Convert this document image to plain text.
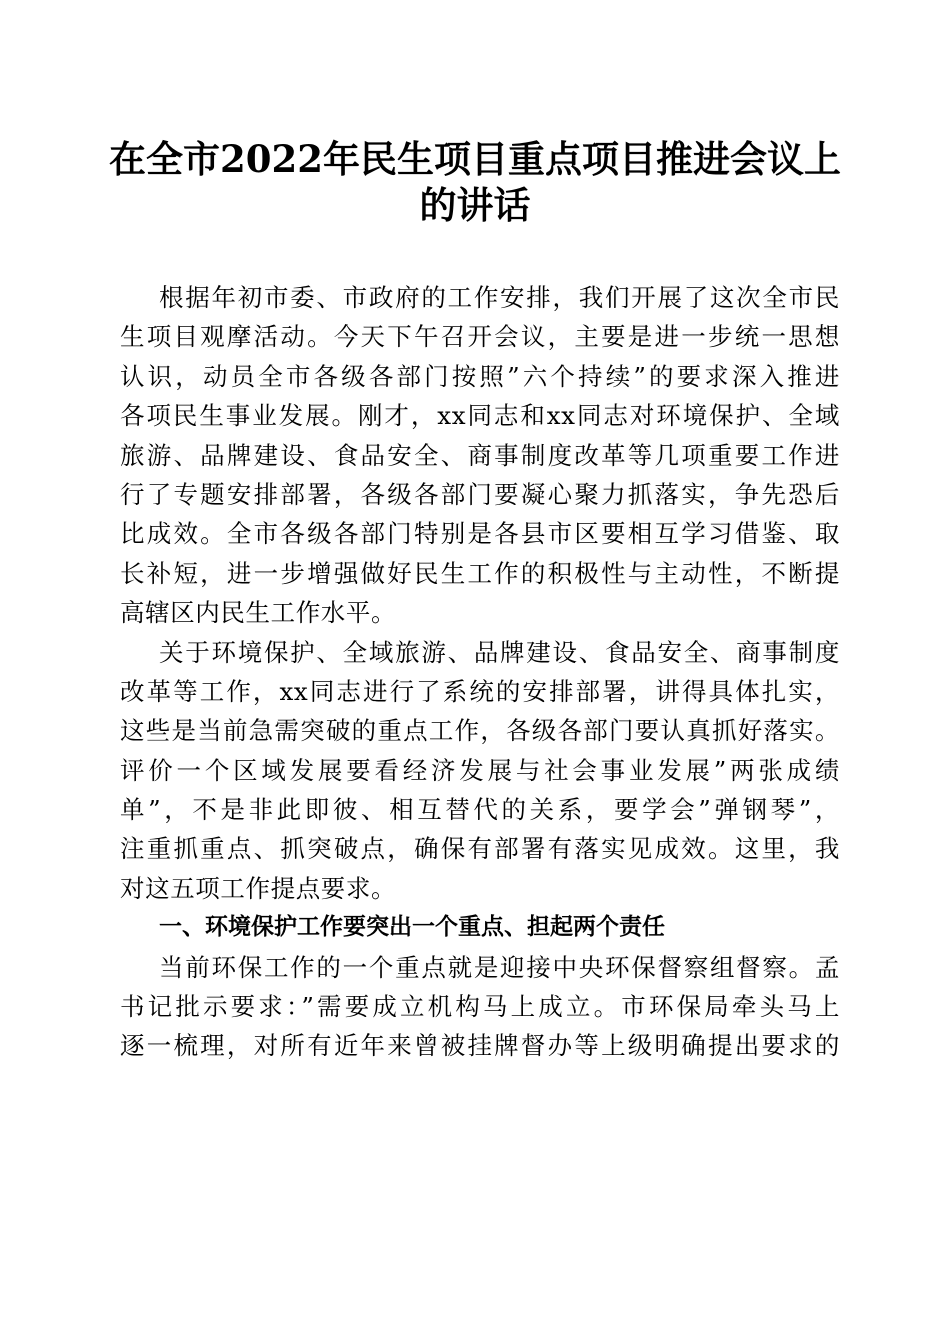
在全市2022年民生项目重点项目推进会议上

的讲话

根据年初市委、市政府的工作安排，我们开展了这次全市民

生项目观摩活动。今天下午召开会议，主要是进一步统一思想

认识，动员全市各级各部门按照”六个持续”的要求深入推进

各项民生事业发展。刚才，xx同志和xx同志对环境保护、全域

旅游、品牌建设、食品安全、商事制度改革等几项重要工作进

行了专题安排部署，各级各部门要凝心聚力抓落实，争先恐后

比成效。全市各级各部门特别是各县市区要相互学习借鉴、取

长补短，进一步增强做好民生工作的积极性与主动性，不断提

高辖区内民生工作水平。

关于环境保护、全域旅游、品牌建设、食品安全、商事制度

改革等工作，xx同志进行了系统的安排部署，讲得具体扎实，

这些是当前急需突破的重点工作，各级各部门要认真抓好落实。

评价一个区域发展要看经济发展与社会事业发展”两张成绩

单”，不是非此即彼、相互替代的关系，要学会”弹钢琴”，

注重抓重点、抓突破点，确保有部署有落实见成效。这里，我

对这五项工作提点要求。

一、环境保护工作要突出一个重点、担起两个责任

当前环保工作的一个重点就是迎接中央环保督察组督察。孟

书记批示要求：”需要成立机构马上成立。市环保局牵头马上

逐一梳理，对所有近年来曾被挂牌督办等上级明确提出要求的
